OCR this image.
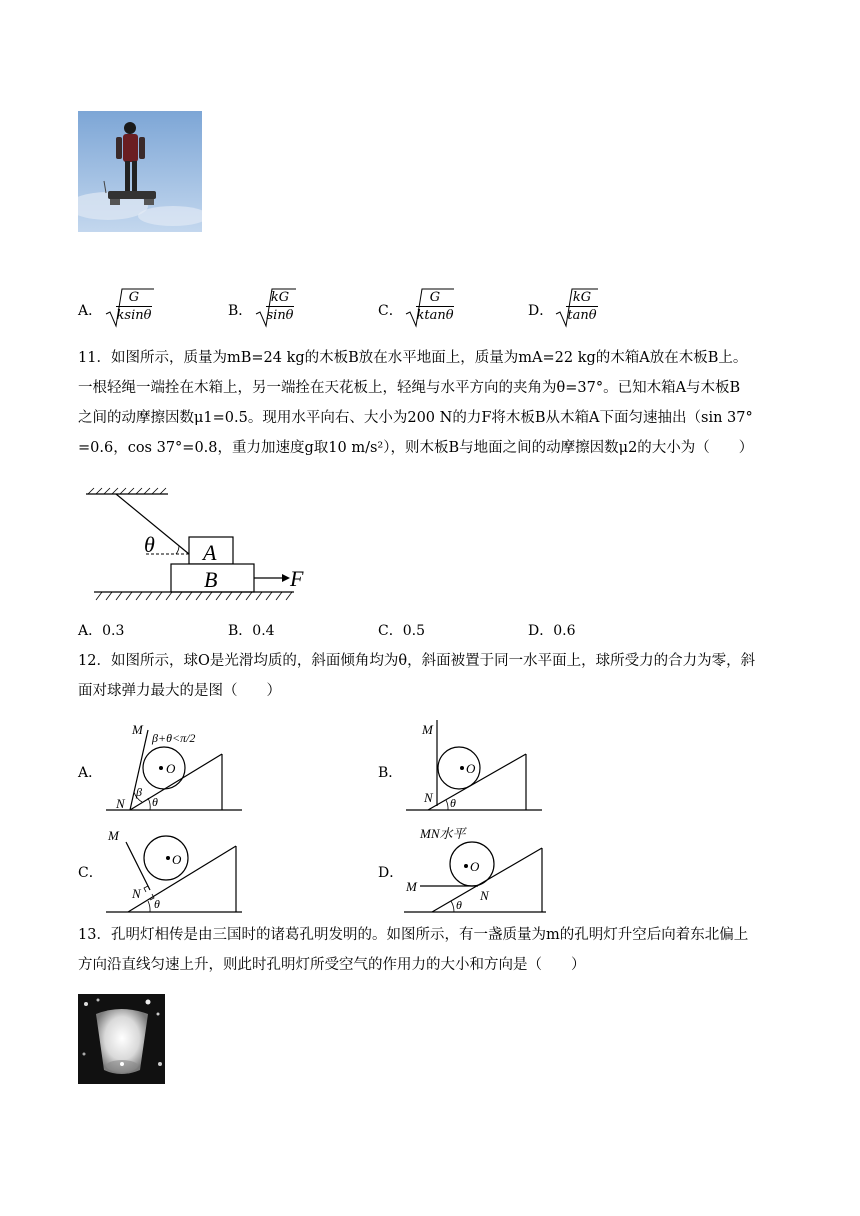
A． $\frac{G}{ksin\theta}$	B． $\frac{kG}{\sin\theta}$	C． $\frac{G}{ktan\theta}$	D． $\frac{kG}{\tan\theta}$
11．如图所示，质量为mB=24 kg的木板B放在水平地面上，质量为mA=22 kg的木箱A放在木板B上。
一根轻绳一端拴在木箱上，另一端拴在天花板上，轻绳与水平方向的夹角为θ=37°。已知木箱A与木板B
之间的动摩擦因数μ1=0.5。现用水平向右、大小为200 N的力F将木板B从木箱A下面匀速抽出（sin 37°
=0.6，cos 37°=0.8，重力加速度g取10 m/s²），则木板B与地面之间的动摩擦因数μ2的大小为（　　）
θ A
B	F
A．0.3	B．0.4	C．0.5	D．0.6
12．如图所示，球O是光滑均质的，斜面倾角均为θ，斜面被置于同一水平面上，球所受力的合力为零，斜
面对球弹力最大的是图（　　）
A．
M
β+θ<π/2
O
N
β
θ
B．
M
O
N θ
C．
M
O
N
θ
D．
MN水平
O
M
N
θ
13．孔明灯相传是由三国时的诸葛孔明发明的。如图所示，有一盏质量为m的孔明灯升空后向着东北偏上
方向沿直线匀速上升，则此时孔明灯所受空气的作用力的大小和方向是（　　）
